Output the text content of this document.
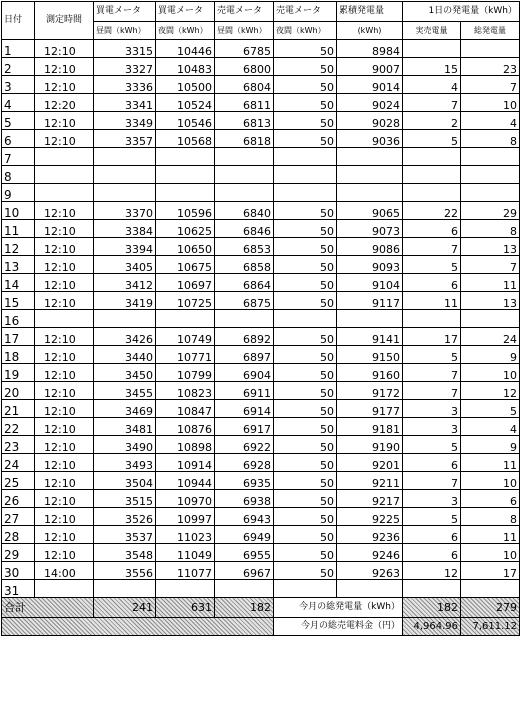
日付	測定時間	買電メータ	買電メータ	売電メータ	売電メータ	累積発電量	1日の発電量（kWh）	
		昼間（kWh）	夜間（kWh）	昼間（kWh）	夜間（kWh）	(kWh)	実売電量	総発電量
1	12:10	3315	10446	6785	50	8984		
2	12:10	3327	10483	6800	50	9007	15	23
3	12:10	3336	10500	6804	50	9014	4	7
4	12:20	3341	10524	6811	50	9024	7	10
5	12:10	3349	10546	6813	50	9028	2	4
6	12:10	3357	10568	6818	50	9036	5	8
7								
8								
9								
10	12:10	3370	10596	6840	50	9065	22	29
11	12:10	3384	10625	6846	50	9073	6	8
12	12:10	3394	10650	6853	50	9086	7	13
13	12:10	3405	10675	6858	50	9093	5	7
14	12:10	3412	10697	6864	50	9104	6	11
15	12:10	3419	10725	6875	50	9117	11	13
16								
17	12:10	3426	10749	6892	50	9141	17	24
18	12:10	3440	10771	6897	50	9150	5	9
19	12:10	3450	10799	6904	50	9160	7	10
20	12:10	3455	10823	6911	50	9172	7	12
21	12:10	3469	10847	6914	50	9177	3	5
22	12:10	3481	10876	6917	50	9181	3	4
23	12:10	3490	10898	6922	50	9190	5	9
24	12:10	3493	10914	6928	50	9201	6	11
25	12:10	3504	10944	6935	50	9211	7	10
26	12:10	3515	10970	6938	50	9217	3	6
27	12:10	3526	10997	6943	50	9225	5	8
28	12:10	3537	11023	6949	50	9236	6	11
29	12:10	3548	11049	6955	50	9246	6	10
30	14:00	3556	11077	6967	50	9263	12	17
31								
合計		241	631	182	今月の総発電量（kWh）		182	279
					今月の総売電料金（円）		4,964.96	7,611.12
